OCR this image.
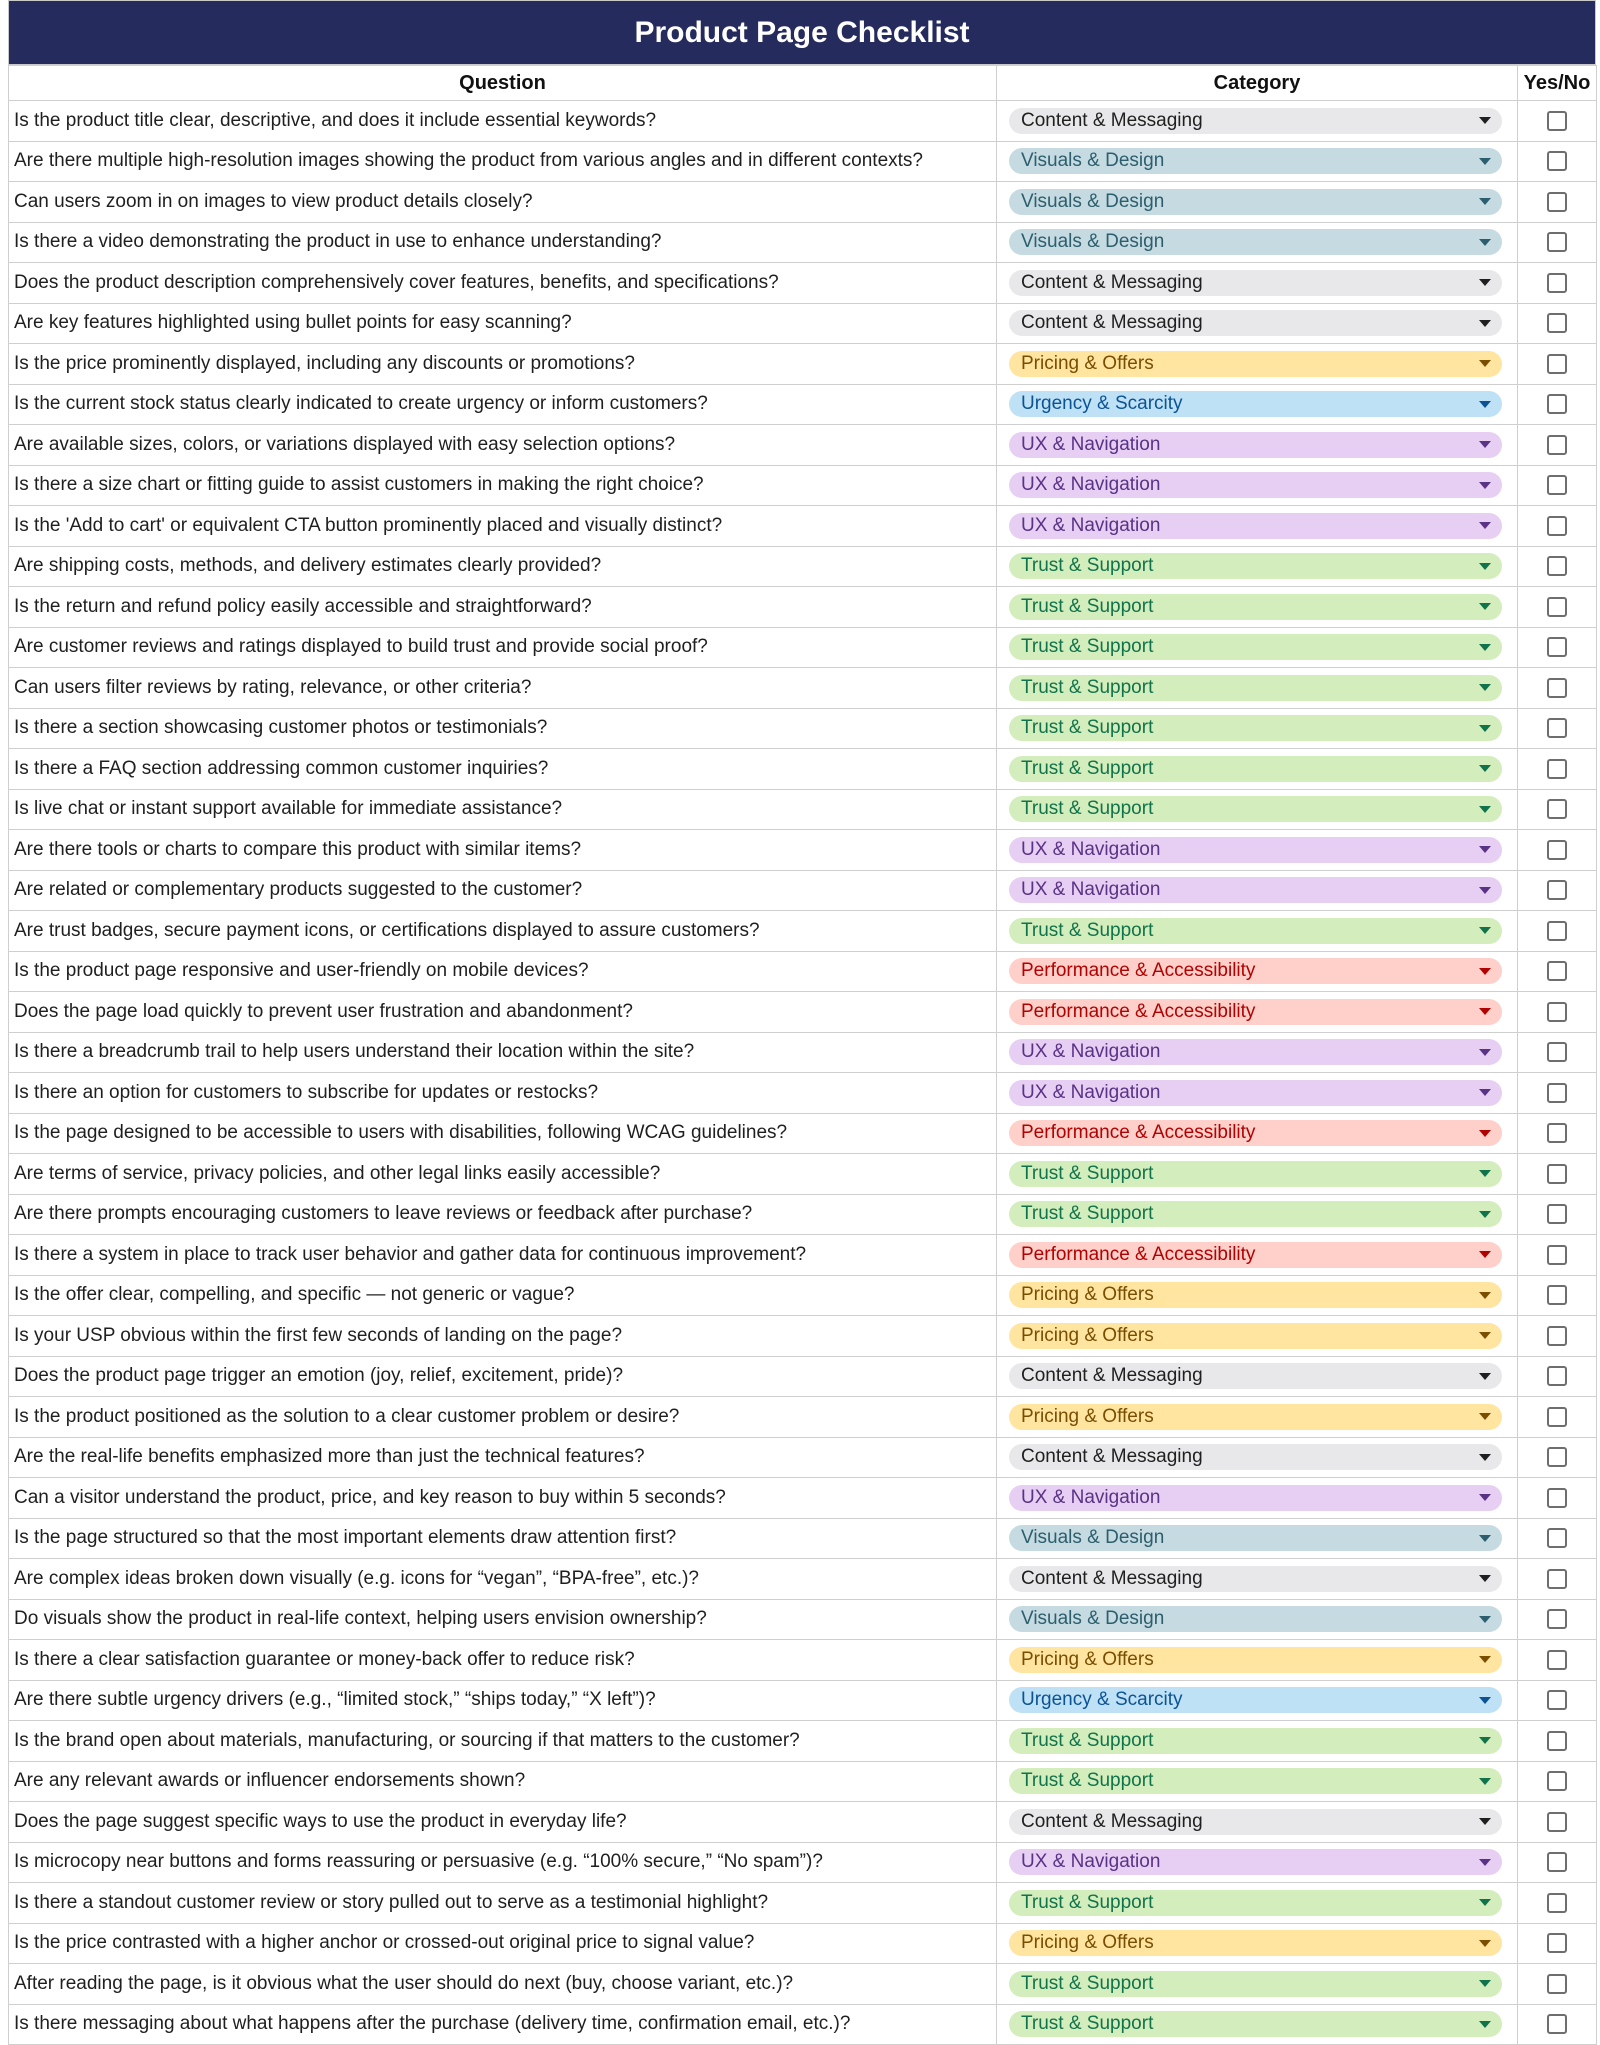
Product Page Checklist
Question	Category	Yes/No
Is the product title clear, descriptive, and does it include essential keywords?	Content & Messaging	

Are there multiple high-resolution images showing the product from various angles and in different contexts?	Visuals & Design	

Can users zoom in on images to view product details closely?	Visuals & Design	

Is there a video demonstrating the product in use to enhance understanding?	Visuals & Design	

Does the product description comprehensively cover features, benefits, and specifications?	Content & Messaging	

Are key features highlighted using bullet points for easy scanning?	Content & Messaging	

Is the price prominently displayed, including any discounts or promotions?	Pricing & Offers	

Is the current stock status clearly indicated to create urgency or inform customers?	Urgency & Scarcity	

Are available sizes, colors, or variations displayed with easy selection options?	UX & Navigation	

Is there a size chart or fitting guide to assist customers in making the right choice?	UX & Navigation	

Is the 'Add to cart' or equivalent CTA button prominently placed and visually distinct?	UX & Navigation	

Are shipping costs, methods, and delivery estimates clearly provided?	Trust & Support	

Is the return and refund policy easily accessible and straightforward?	Trust & Support	

Are customer reviews and ratings displayed to build trust and provide social proof?	Trust & Support	

Can users filter reviews by rating, relevance, or other criteria?	Trust & Support	

Is there a section showcasing customer photos or testimonials?	Trust & Support	

Is there a FAQ section addressing common customer inquiries?	Trust & Support	

Is live chat or instant support available for immediate assistance?	Trust & Support	

Are there tools or charts to compare this product with similar items?	UX & Navigation	

Are related or complementary products suggested to the customer?	UX & Navigation	

Are trust badges, secure payment icons, or certifications displayed to assure customers?	Trust & Support	

Is the product page responsive and user-friendly on mobile devices?	Performance & Accessibility	

Does the page load quickly to prevent user frustration and abandonment?	Performance & Accessibility	

Is there a breadcrumb trail to help users understand their location within the site?	UX & Navigation	

Is there an option for customers to subscribe for updates or restocks?	UX & Navigation	

Is the page designed to be accessible to users with disabilities, following WCAG guidelines?	Performance & Accessibility	

Are terms of service, privacy policies, and other legal links easily accessible?	Trust & Support	

Are there prompts encouraging customers to leave reviews or feedback after purchase?	Trust & Support	

Is there a system in place to track user behavior and gather data for continuous improvement?	Performance & Accessibility	

Is the offer clear, compelling, and specific — not generic or vague?	Pricing & Offers	

Is your USP obvious within the first few seconds of landing on the page?	Pricing & Offers	

Does the product page trigger an emotion (joy, relief, excitement, pride)?	Content & Messaging	

Is the product positioned as the solution to a clear customer problem or desire?	Pricing & Offers	

Are the real-life benefits emphasized more than just the technical features?	Content & Messaging	

Can a visitor understand the product, price, and key reason to buy within 5 seconds?	UX & Navigation	

Is the page structured so that the most important elements draw attention first?	Visuals & Design	

Are complex ideas broken down visually (e.g. icons for “vegan”, “BPA-free”, etc.)?	Content & Messaging	

Do visuals show the product in real-life context, helping users envision ownership?	Visuals & Design	

Is there a clear satisfaction guarantee or money-back offer to reduce risk?	Pricing & Offers	

Are there subtle urgency drivers (e.g., “limited stock,” “ships today,” “X left”)?	Urgency & Scarcity	

Is the brand open about materials, manufacturing, or sourcing if that matters to the customer?	Trust & Support	

Are any relevant awards or influencer endorsements shown?	Trust & Support	

Does the page suggest specific ways to use the product in everyday life?	Content & Messaging	

Is microcopy near buttons and forms reassuring or persuasive (e.g. “100% secure,” “No spam”)?	UX & Navigation	

Is there a standout customer review or story pulled out to serve as a testimonial highlight?	Trust & Support	

Is the price contrasted with a higher anchor or crossed-out original price to signal value?	Pricing & Offers	

After reading the page, is it obvious what the user should do next (buy, choose variant, etc.)?	Trust & Support	

Is there messaging about what happens after the purchase (delivery time, confirmation email, etc.)?	Trust & Support	
